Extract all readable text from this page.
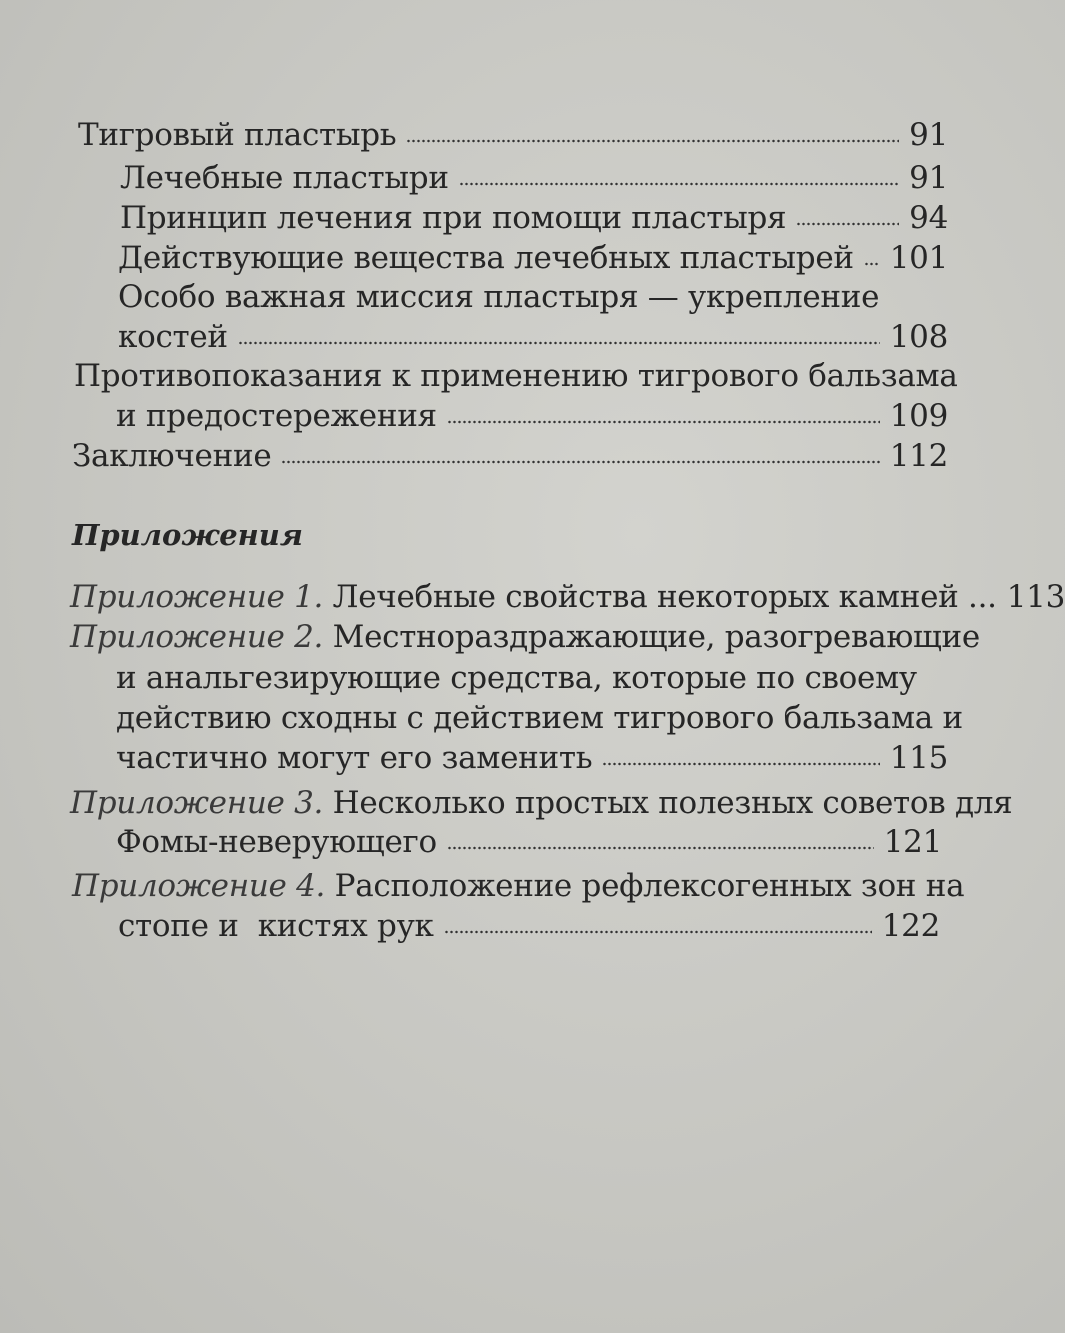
Тигровый пластырь	91
Лечебные пластыри	91
Принцип лечения при помощи пластыря	94
Действующие вещества лечебных пластырей 101
Особо важная миссия пластыря — укрепление
костей	108
Противопоказания к применению тигрового бальзама
и предостережения	109
Заключение	112
Приложения
Приложение 1. Лечебные свойства некоторых камней ... 113
Приложение 2. Местнораздражающие, разогревающие
и анальгезирующие средства, которые по своему
действию сходны с действием тигрового бальзама и
частично могут его заменить	115
Приложение 3. Несколько простых полезных советов для
Фомы-неверующего	121
Приложение 4. Расположение рефлексогенных зон на
стопе и  кистях рук	122
